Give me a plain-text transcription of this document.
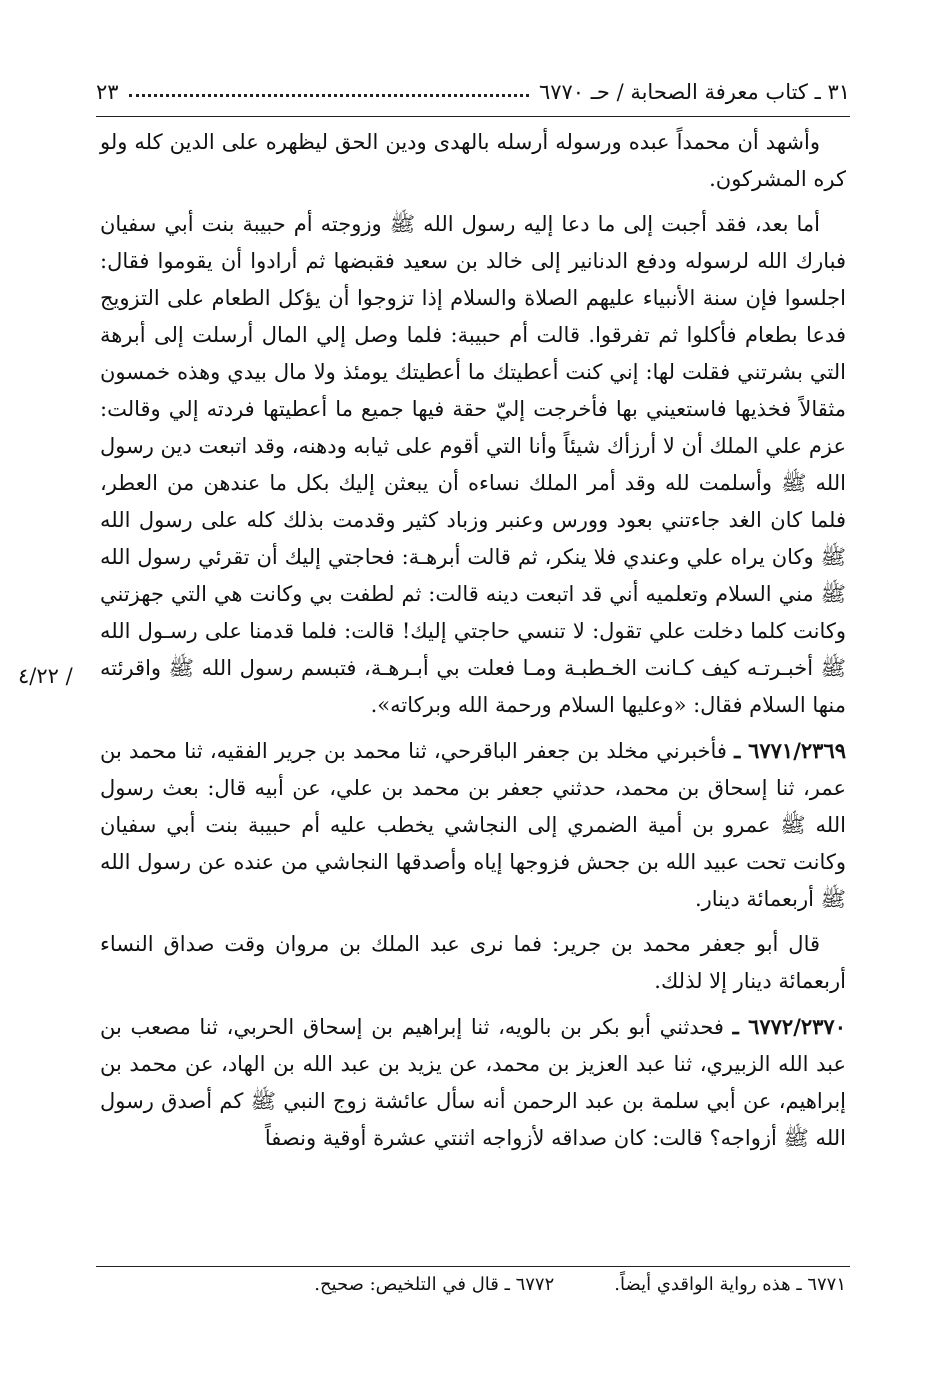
٣١ ـ كتاب معرفة الصحابة / حـ ٦٧٧٠
٢٣
٤/٢٢ /

وأشهد أن محمداً عبده ورسوله أرسله بالهدى ودين الحق ليظهره على الدين كله ولو كره المشركون.

أما بعد، فقد أجبت إلى ما دعا إليه رسول الله ﷺ وزوجته أم حبيبة بنت أبي سفيان فبارك الله لرسوله ودفع الدنانير إلى خالد بن سعيد فقبضها ثم أرادوا أن يقوموا فقال: اجلسوا فإن سنة الأنبياء عليهم الصلاة والسلام إذا تزوجوا أن يؤكل الطعام على التزويج فدعا بطعام فأكلوا ثم تفرقوا. قالت أم حبيبة: فلما وصل إلي المال أرسلت إلى أبرهة التي بشرتني فقلت لها: إني كنت أعطيتك ما أعطيتك يومئذ ولا مال بيدي وهذه خمسون مثقالاً فخذيها فاستعيني بها فأخرجت إليّ حقة فيها جميع ما أعطيتها فردته إلي وقالت: عزم علي الملك أن لا أرزأك شيئاً وأنا التي أقوم على ثيابه ودهنه، وقد اتبعت دين رسول الله ﷺ وأسلمت لله وقد أمر الملك نساءه أن يبعثن إليك بكل ما عندهن من العطر، فلما كان الغد جاءتني بعود وورس وعنبر وزباد كثير وقدمت بذلك كله على رسول الله ﷺ وكان يراه علي وعندي فلا ينكر، ثم قالت أبرهـة: فحاجتي إليك أن تقرئي رسول الله ﷺ مني السلام وتعلميه أني قد اتبعت دينه قالت: ثم لطفت بي وكانت هي التي جهزتني وكانت كلما دخلت علي تقول: لا تنسي حاجتي إليك! قالت: فلما قدمنا على رسـول الله ﷺ أخبـرتـه كيف كـانت الخـطبـة ومـا فعلت بي أبـرهـة، فتبسم رسول الله ﷺ واقرئته منها السلام فقال: «وعليها السلام ورحمة الله وبركاته».

٦٧٧١/٢٣٦٩ ـ فأخبرني مخلد بن جعفر الباقرحي، ثنا محمد بن جرير الفقيه، ثنا محمد بن عمر، ثنا إسحاق بن محمد، حدثني جعفر بن محمد بن علي، عن أبيه قال: بعث رسول الله ﷺ عمرو بن أمية الضمري إلى النجاشي يخطب عليه أم حبيبة بنت أبي سفيان وكانت تحت عبيد الله بن جحش فزوجها إياه وأصدقها النجاشي من عنده عن رسول الله ﷺ أربعمائة دينار.

قال أبو جعفر محمد بن جرير: فما نرى عبد الملك بن مروان وقت صداق النساء أربعمائة دينار إلا لذلك.

٦٧٧٢/٢٣٧٠ ـ فحدثني أبو بكر بن بالويه، ثنا إبراهيم بن إسحاق الحربي، ثنا مصعب بن عبد الله الزبيري، ثنا عبد العزيز بن محمد، عن يزيد بن عبد الله بن الهاد، عن محمد بن إبراهيم، عن أبي سلمة بن عبد الرحمن أنه سأل عائشة زوج النبي ﷺ كم أصدق رسول الله ﷺ أزواجه؟ قالت: كان صداقه لأزواجه اثنتي عشرة أوقية ونصفاً

٦٧٧١ ـ هذه رواية الواقدي أيضاً.
٦٧٧٢ ـ قال في التلخيص: صحيح.
